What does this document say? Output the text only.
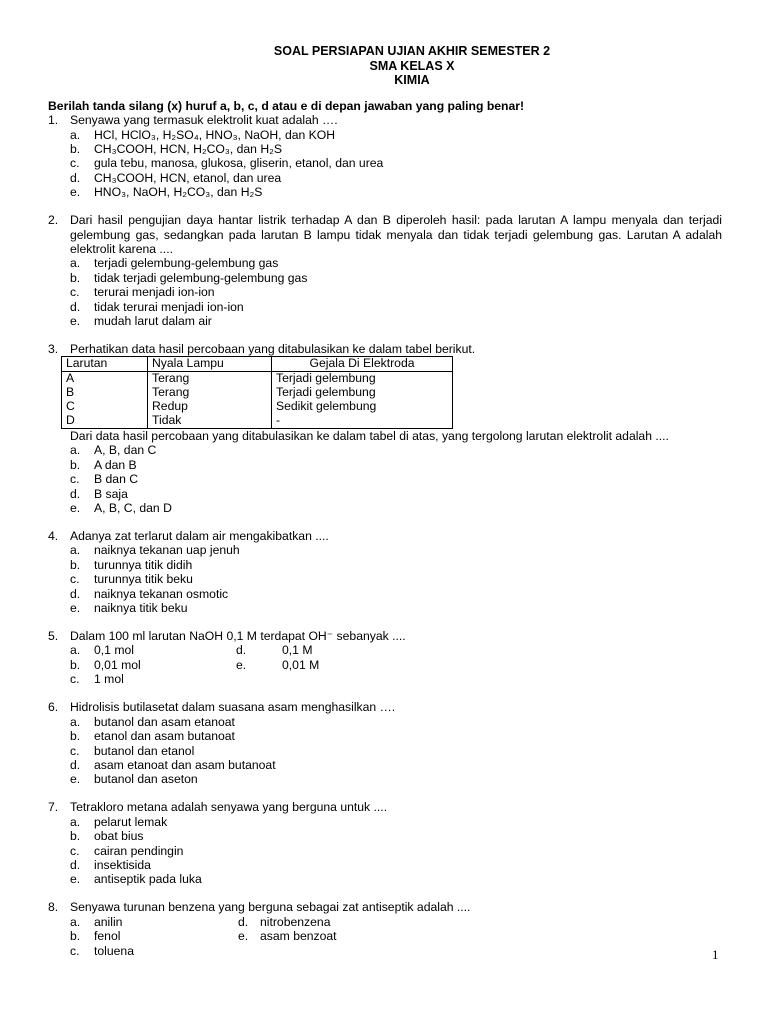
SOAL PERSIAPAN UJIAN AKHIR SEMESTER 2
SMA KELAS X
KIMIA
Berilah tanda silang (x) huruf a, b, c, d atau e di depan jawaban yang paling benar!
1. Senyawa yang termasuk elektrolit kuat adalah ….
a.	HCl, HClO₃, H₂SO₄, HNO₃, NaOH, dan KOH
b.	CH₃COOH, HCN, H₂CO₃, dan H₂S
c.	gula tebu, manosa, glukosa, gliserin, etanol, dan urea
d.	CH₃COOH, HCN, etanol, dan urea
e.	HNO₃, NaOH, H₂CO₃, dan H₂S
2. Dari hasil pengujian daya hantar listrik terhadap A dan B diperoleh hasil: pada larutan A lampu menyala dan terjadi gelembung gas, sedangkan pada larutan B lampu tidak menyala dan tidak terjadi gelembung gas. Larutan A adalah elektrolit karena ....
a.	terjadi gelembung-gelembung gas
b.	tidak terjadi gelembung-gelembung gas
c.	terurai menjadi ion-ion
d.	tidak terurai menjadi ion-ion
e.	mudah larut dalam air
3. Perhatikan data hasil percobaan yang ditabulasikan ke dalam tabel berikut.
Larutan	Nyala Lampu	Gejala Di Elektroda
A	Terang	Terjadi gelembung
B	Terang	Terjadi gelembung
C	Redup	Sedikit gelembung
D	Tidak	-
Dari data hasil percobaan yang ditabulasikan ke dalam tabel di atas, yang tergolong larutan elektrolit adalah ....
a.	A, B, dan C
b.	A dan B
c.	B dan C
d.	B saja
e.	A, B, C, dan D
4. Adanya zat terlarut dalam air mengakibatkan ....
a.	naiknya tekanan uap jenuh
b.	turunnya titik didih
c.	turunnya titik beku
d.	naiknya tekanan osmotic
e.	naiknya titik beku
5. Dalam 100 ml larutan NaOH 0,1 M terdapat OH⁻ sebanyak ....
a.	0,1 mol	d.	0,1 M
b.	0,01 mol	e.	0,01 M
c.	1 mol
6. Hidrolisis butilasetat dalam suasana asam menghasilkan ….
a.	butanol dan asam etanoat
b.	etanol dan asam butanoat
c.	butanol dan etanol
d.	asam etanoat dan asam butanoat
e.	butanol dan aseton
7. Tetrakloro metana adalah senyawa yang berguna untuk ....
a.	pelarut lemak
b.	obat bius
c.	cairan pendingin
d.	insektisida
e.	antiseptik pada luka
8. Senyawa turunan benzena yang berguna sebagai zat antiseptik adalah ....
a.	anilin	d. nitrobenzena
b.	fenol	e. asam benzoat
c.	toluena	1
